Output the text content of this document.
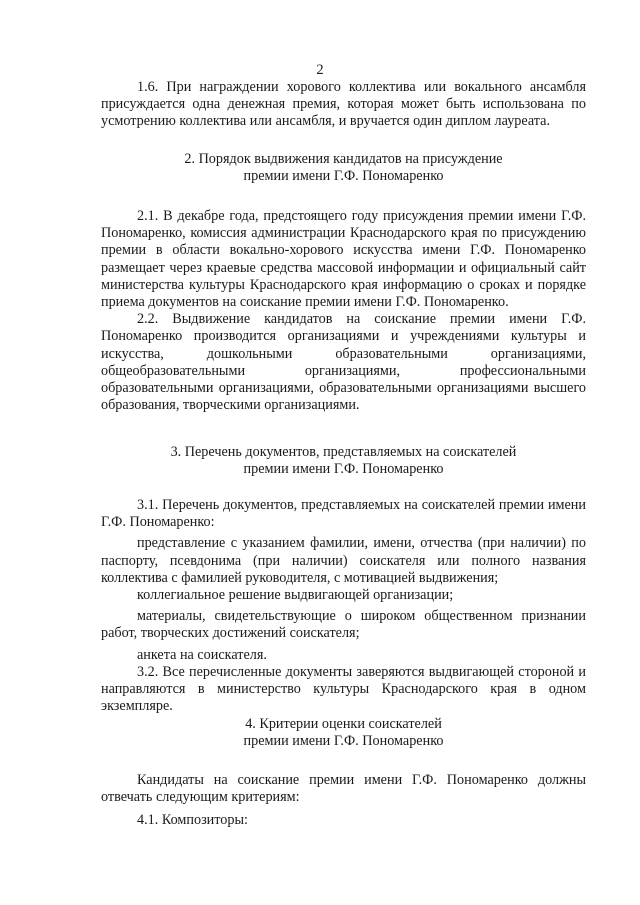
2

1.6. При награждении хорового коллектива или вокального ансамбля присуждается одна денежная премия, которая может быть использована по усмотрению коллектива или ансамбля, и вручается один диплом лауреата.

2. Порядок выдвижения кандидатов на присуждение
премии имени Г.Ф. Пономаренко

2.1. В декабре года, предстоящего году присуждения премии имени Г.Ф. Пономаренко, комиссия администрации Краснодарского края по присуждению премии в области вокально-хорового искусства имени Г.Ф. Пономаренко размещает через краевые средства массовой информации и официальный сайт министерства культуры Краснодарского края информацию о сроках и порядке приема документов на соискание премии имени Г.Ф. Пономаренко.

2.2. Выдвижение кандидатов на соискание премии имени Г.Ф. Пономаренко производится организациями и учреждениями культуры и искусства, дошкольными образовательными организациями, общеобразовательными организациями, профессиональными образовательными организациями, образовательными организациями высшего образования, творческими организациями.

3. Перечень документов, представляемых на соискателей
премии имени Г.Ф. Пономаренко

3.1. Перечень документов, представляемых на соискателей премии имени Г.Ф. Пономаренко:

представление с указанием фамилии, имени, отчества (при наличии) по паспорту, псевдонима (при наличии) соискателя или полного названия коллектива с фамилией руководителя, с мотивацией выдвижения;

коллегиальное решение выдвигающей организации;

материалы, свидетельствующие о широком общественном признании работ, творческих достижений соискателя;

анкета на соискателя.

3.2. Все перечисленные документы заверяются выдвигающей стороной и направляются в министерство культуры Краснодарского края в одном экземпляре.

4. Критерии оценки соискателей
премии имени Г.Ф. Пономаренко

Кандидаты на соискание премии имени Г.Ф. Пономаренко должны отвечать следующим критериям:

4.1. Композиторы:
